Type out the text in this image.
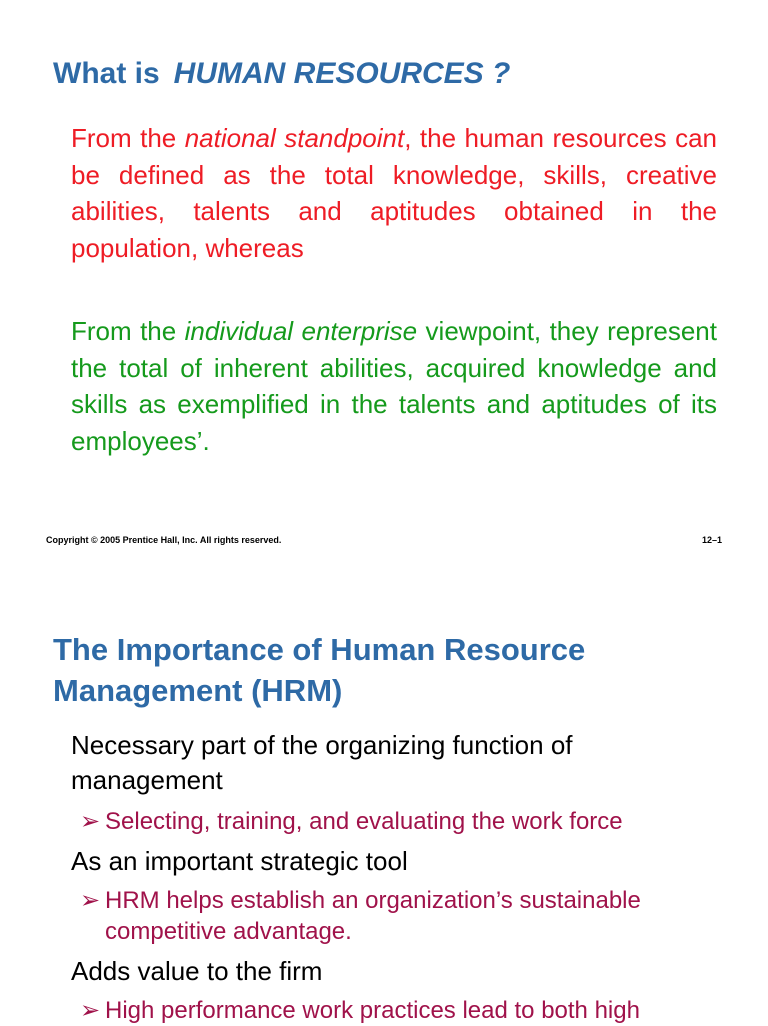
What is HUMAN RESOURCES ?

From the national standpoint, the human resources can be defined as the total knowledge, skills, creative abilities, talents and aptitudes obtained in the population, whereas

From the individual enterprise viewpoint, they represent the total of inherent abilities, acquired knowledge and skills as exemplified in the talents and aptitudes of its employees’.

Copyright © 2005 Prentice Hall, Inc. All rights reserved.	12–1
The Importance of Human Resource Management (HRM)

Necessary part of the organizing function of management

➢ Selecting, training, and evaluating the work force

As an important strategic tool

➢ HRM helps establish an organization’s sustainable
competitive advantage.

Adds value to the firm

➢ High performance work practices lead to both high
